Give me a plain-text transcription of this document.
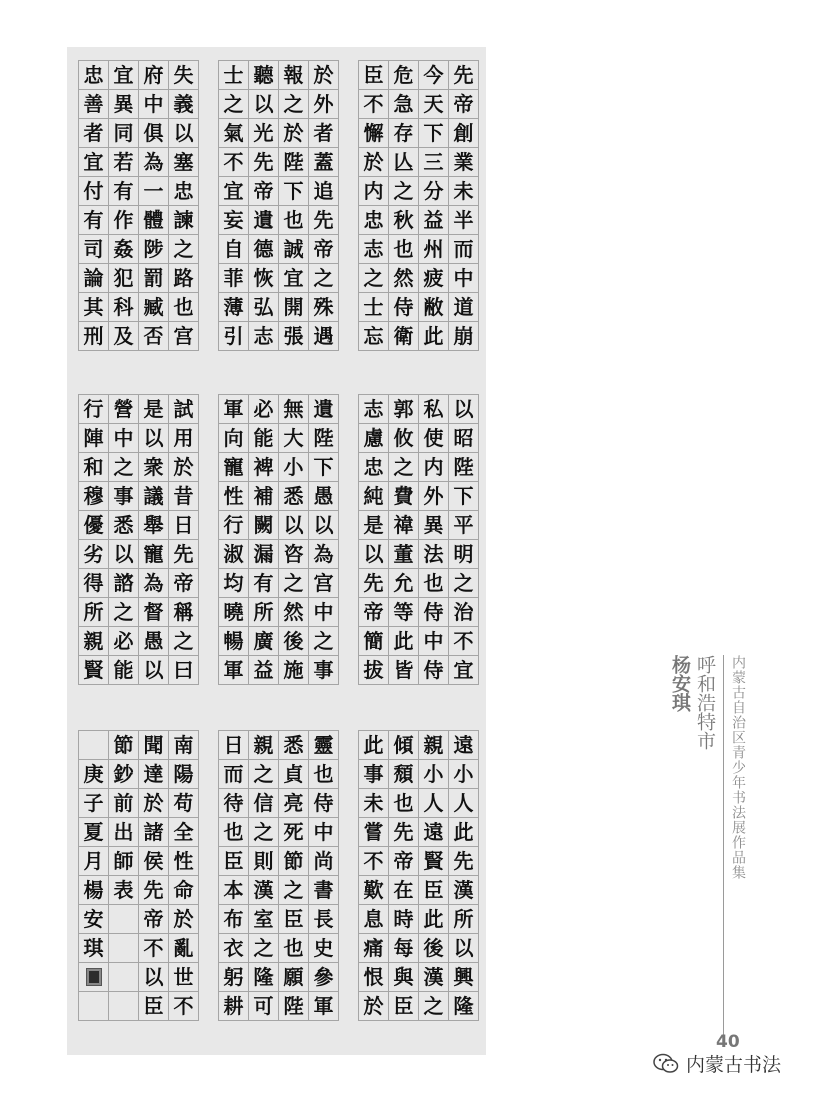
内蒙古自治区青少年书法展作品集
呼和浩特市
杨安琪
40
内蒙古书法
先
帝
創
業
未
半
而
中
道
崩
今
天
下
三
分
益
州
疲
敝
此
危
急
存
亾
之
秋
也
然
侍
衛
臣
不
懈
於
内
忠
志
之
士
忘
於
外
者
蓋
追
先
帝
之
殊
遇
報
之
於
陛
下
也
誠
宜
開
張
聽
以
光
先
帝
遺
德
恢
弘
志
士
之
氣
不
宜
妄
自
菲
薄
引
失
義
以
塞
忠
諫
之
路
也
宫
府
中
俱
為
一
體
陟
罰
臧
否
宜
異
同
若
有
作
姦
犯
科
及
忠
善
者
宜
付
有
司
論
其
刑
以
昭
陛
下
平
明
之
治
不
宜
私
使
内
外
異
法
也
侍
中
侍
郭
攸
之
費
禕
董
允
等
此
皆
志
慮
忠
純
是
以
先
帝
簡
拔
遺
陛
下
愚
以
為
宫
中
之
事
無
大
小
悉
以
咨
之
然
後
施
必
能
裨
補
闕
漏
有
所
廣
益
軍
向
寵
性
行
淑
均
曉
暢
軍
試
用
於
昔
日
先
帝
稱
之
曰
是
以
衆
議
舉
寵
為
督
愚
以
營
中
之
事
悉
以
諮
之
必
能
行
陣
和
穆
優
劣
得
所
親
賢
遠
小
人
此
先
漢
所
以
興
隆
親
小
人
遠
賢
臣
此
後
漢
之
傾
頹
也
先
帝
在
時
每
與
臣
此
事
未
嘗
不
歎
息
痛
恨
於
靈
也
侍
中
尚
書
長
史
參
軍
悉
貞
亮
死
節
之
臣
也
願
陛
親
之
信
之
則
漢
室
之
隆
可
日
而
待
也
臣
本
布
衣
躬
耕
南
陽
苟
全
性
命
於
亂
世
不
聞
達
於
諸
侯
先
帝
不
以
臣
節
鈔
前
出
師
表
庚
子
夏
月
楊
安
琪
